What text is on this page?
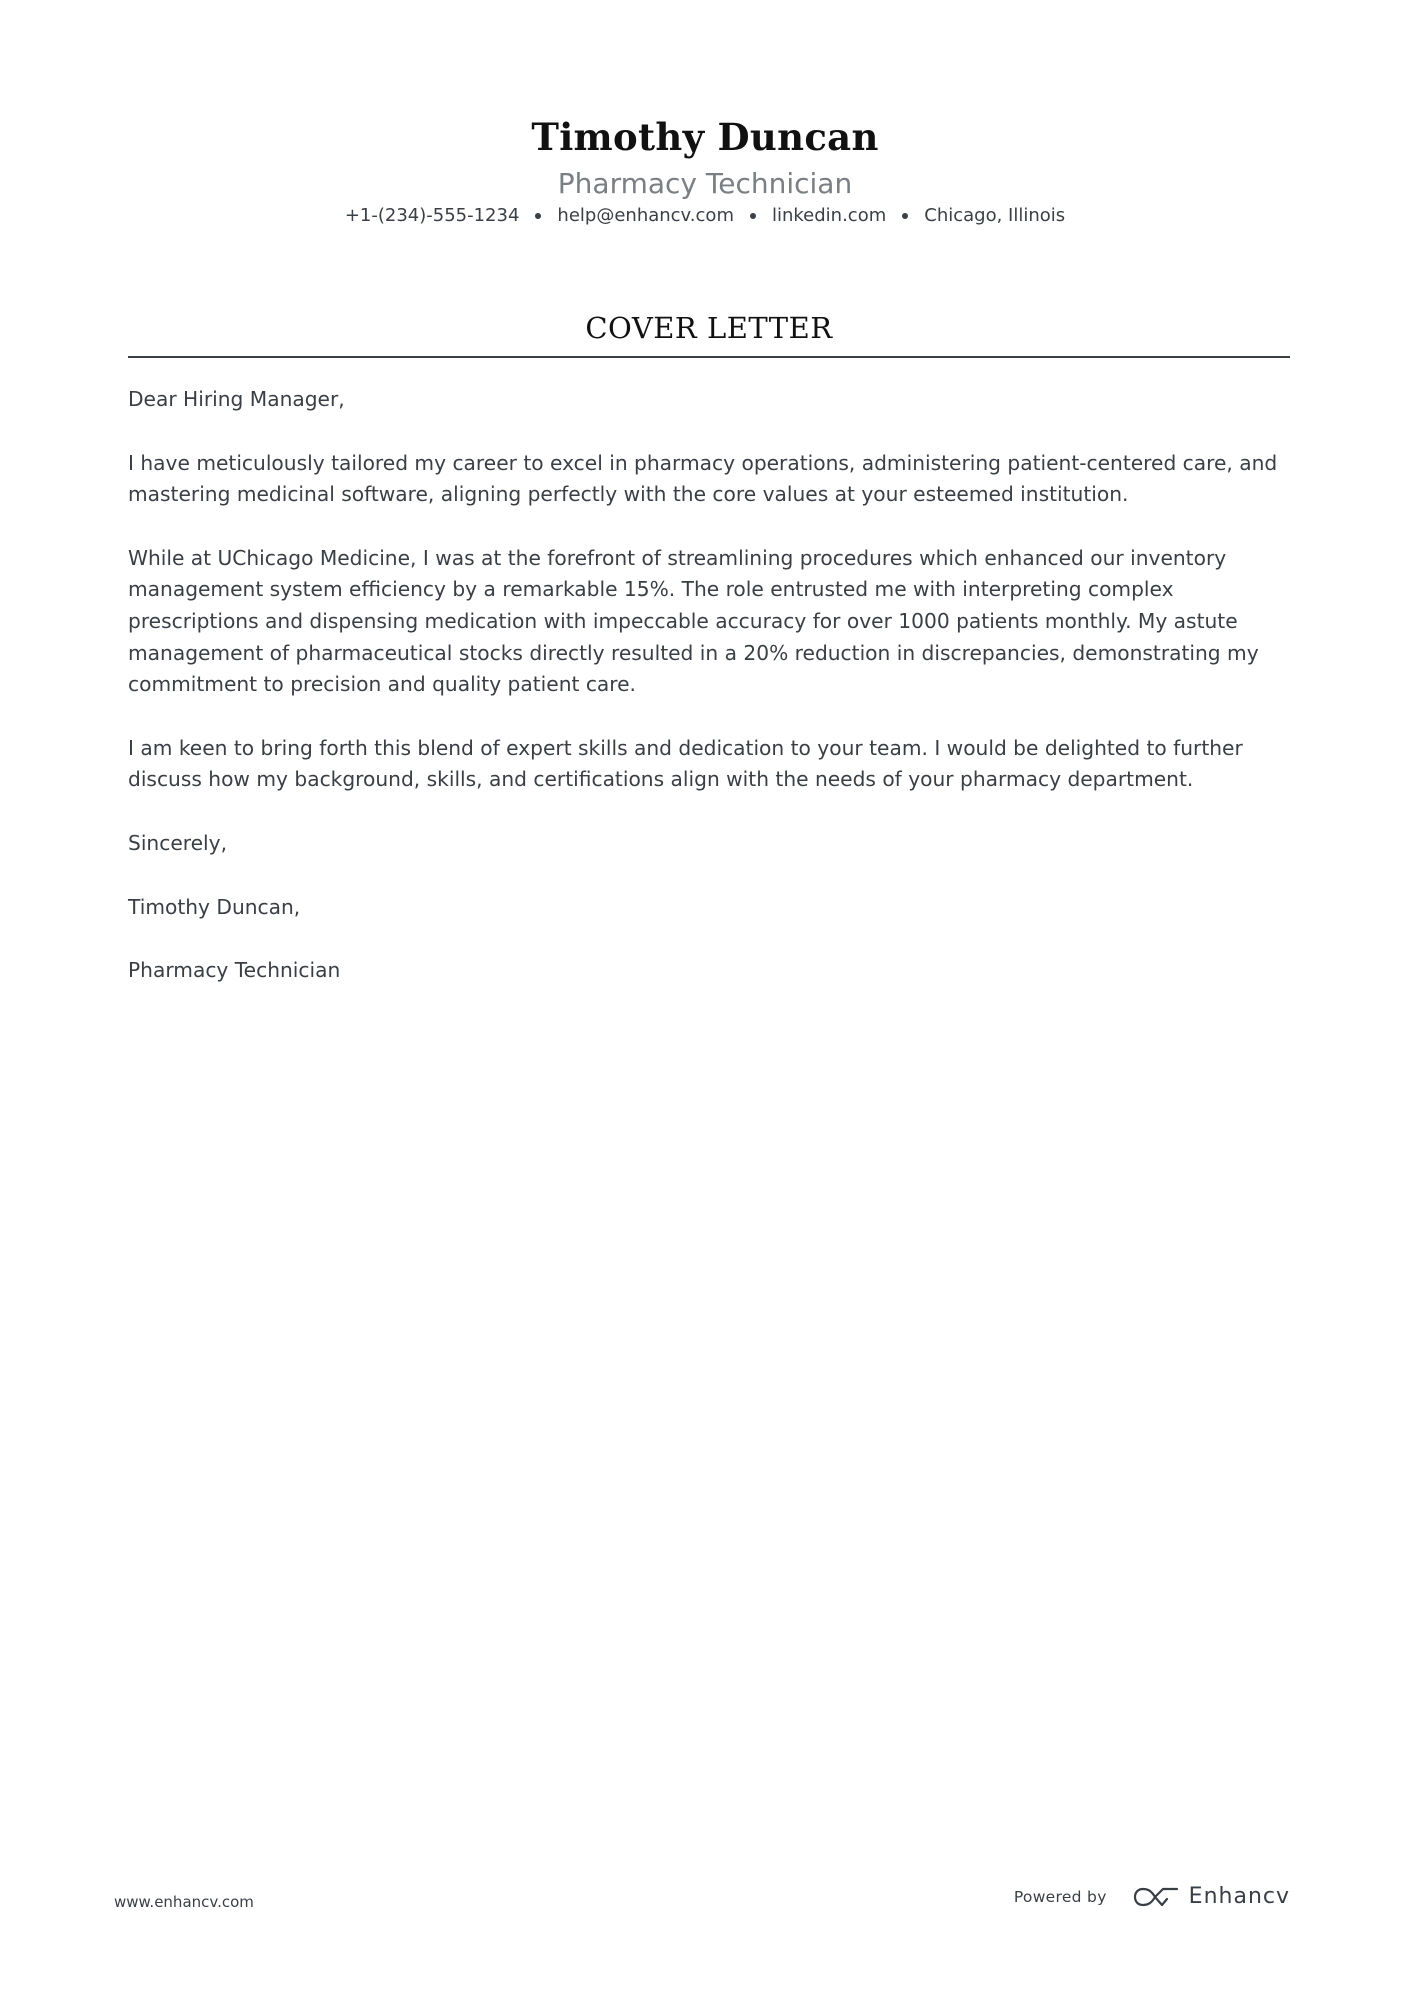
Timothy Duncan
Pharmacy Technician
+1-(234)-555-1234 help@enhancv.com linkedin.com Chicago, Illinois
COVER LETTER

Dear Hiring Manager,

I have meticulously tailored my career to excel in pharmacy operations, administering patient-centered care, and mastering medicinal software, aligning perfectly with the core values at your esteemed institution.

While at UChicago Medicine, I was at the forefront of streamlining procedures which enhanced our inventory management system efficiency by a remarkable 15%. The role entrusted me with interpreting complex prescriptions and dispensing medication with impeccable accuracy for over 1000 patients monthly. My astute management of pharmaceutical stocks directly resulted in a 20% reduction in discrepancies, demonstrating my commitment to precision and quality patient care.

I am keen to bring forth this blend of expert skills and dedication to your team. I would be delighted to further discuss how my background, skills, and certifications align with the needs of your pharmacy department.

Sincerely,

Timothy Duncan,

Pharmacy Technician

www.enhancv.com	Powered by	Enhancv
